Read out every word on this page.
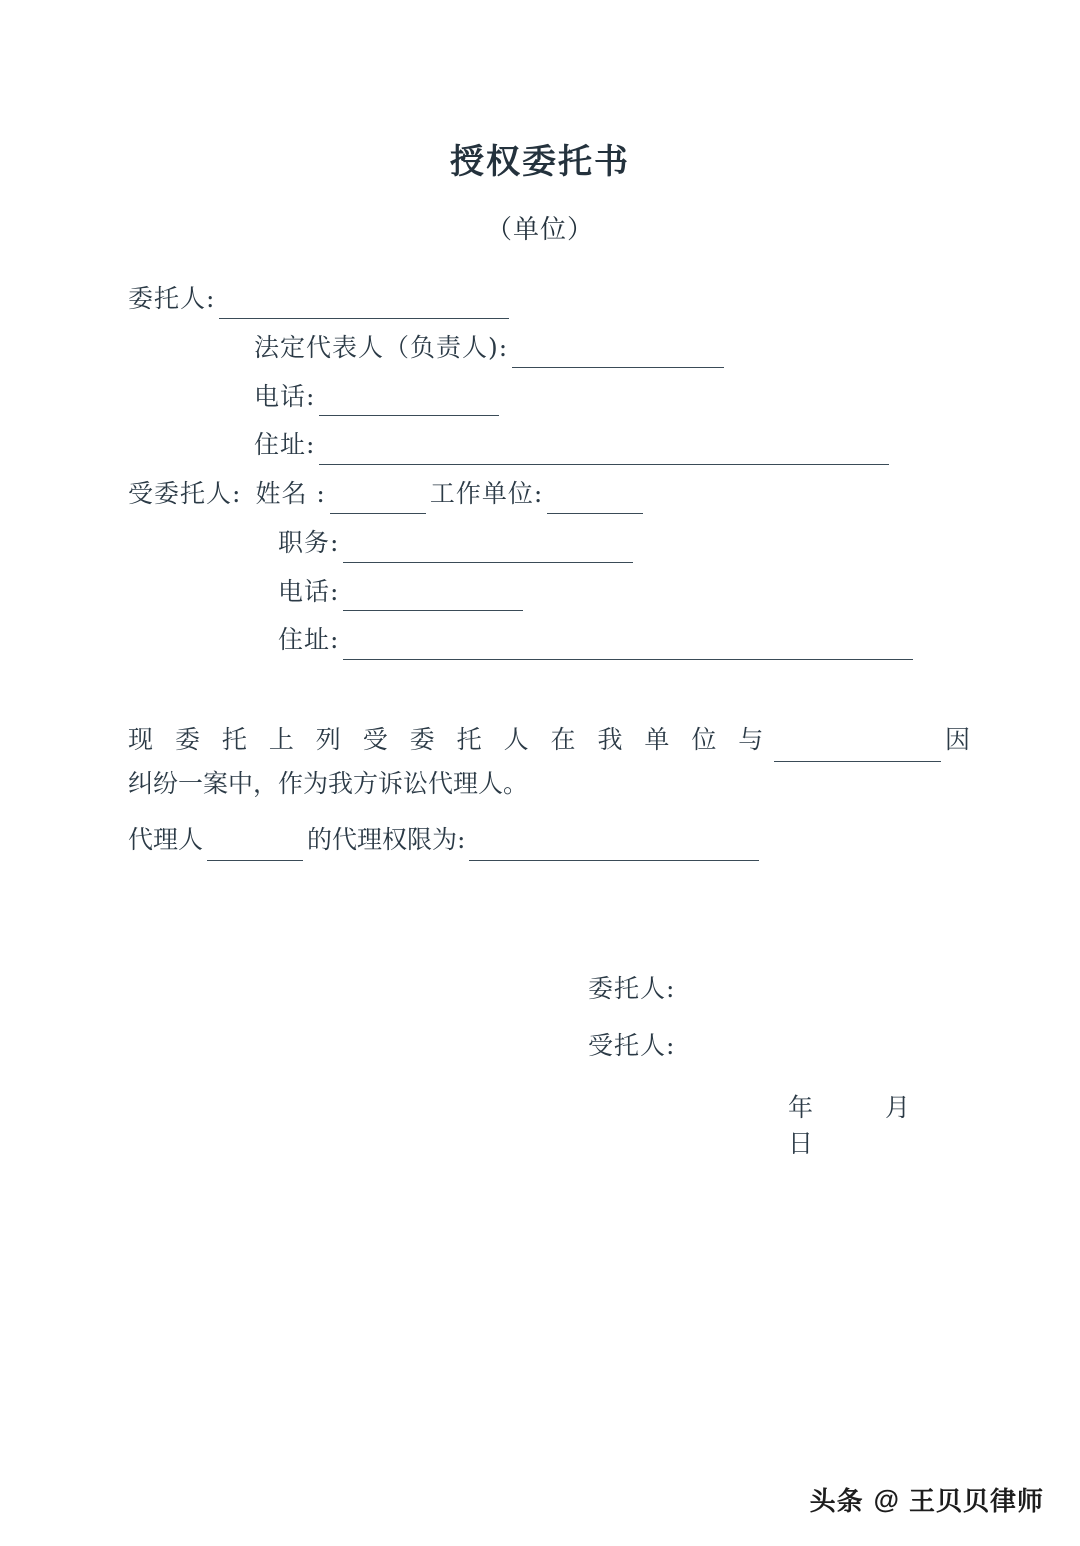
授权委托书
（单位）
委托人:
法定代表人（负责人):
电话:
住址:
受委托人: 姓名 :	工作单位:
职务:
电话:
住址:
现 委 托 上 列 受 委 托 人 在 我 单 位 与	因
纠纷一案中，作为我方诉讼代理人。
代理人	的代理权限为:
委托人:
受托人:
年 月 日
头条 @ 王贝贝律师
